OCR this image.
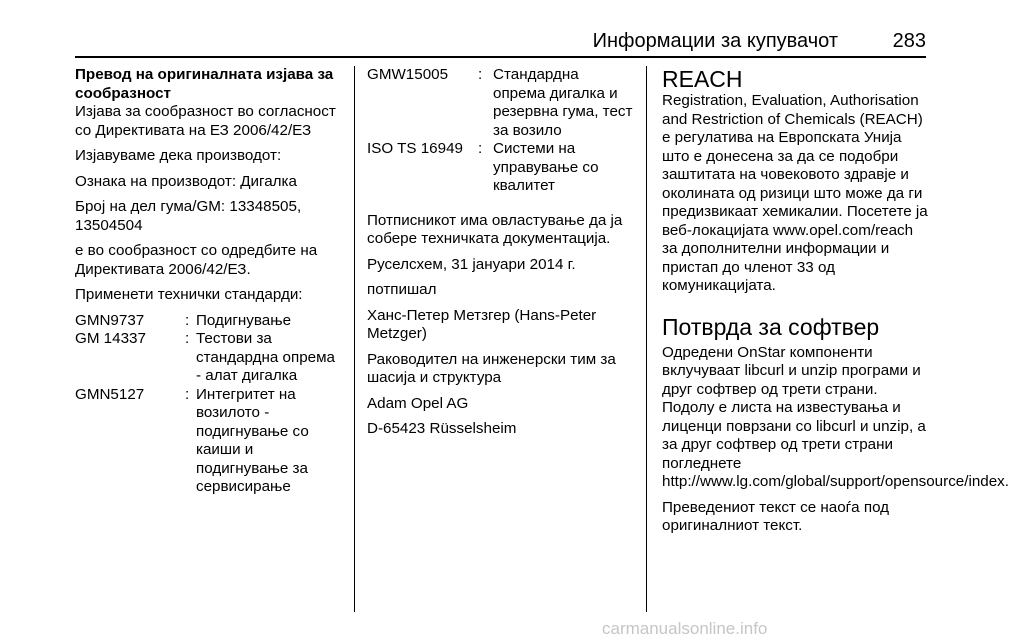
Информации за купувачот	283

Превод на оригиналната изјава за сообразност

Изјава за сообразност во согласност со Директивата на ЕЗ 2006/42/ЕЗ

Изјавуваме дека производот:

Ознака на производот: Дигалка

Број на дел гума/GM: 13348505, 13504504

е во сообразност со одредбите на Директивата 2006/42/ЕЗ.

Применети технички стандарди:

GMN9737	: Подигнување
GM 14337	: Тестови за стандардна опрема - алат дигалка
GMN5127	: Интегритет на возилото - подигнување со каиши и подигнување за сервисирање
GMW15005	: Стандардна опрема дигалка и резервна гума, тест за возило
ISO TS 16949 : Системи на управување со квалитет

Потписникот има овластување да ја собере техничката документација.

Руселсхем, 31 јануари 2014 г.

потпишал

Ханс-Петер Метзгер (Hans-Peter Metzger)

Раководител на инженерски тим за шасија и структура

Adam Opel AG

D-65423 Rüsselsheim

REACH

Registration, Evaluation, Authorisation and Restriction of Chemicals (REACH) е регулатива на Европската Унија што е донесена за да се подобри заштитата на човековото здравје и околината од ризици што може да ги предизвикаат хемикалии. Посетете ја веб-локацијата www.opel.com/reach за дополнителни информации и пристап до членот 33 од комуникацијата.

Потврда за софтвер

Одредени OnStar компоненти вклучуваат libcurl и unzip програми и друг софтвер од трети страни. Подолу е листа на известувања и лиценци поврзани со libcurl и unzip, а за друг софтвер од трети страни погледнете http://www.lg.com/global/support/opensource/index.

Преведениот текст се наоѓа под оригиналниот текст.

carmanualsonline.info
